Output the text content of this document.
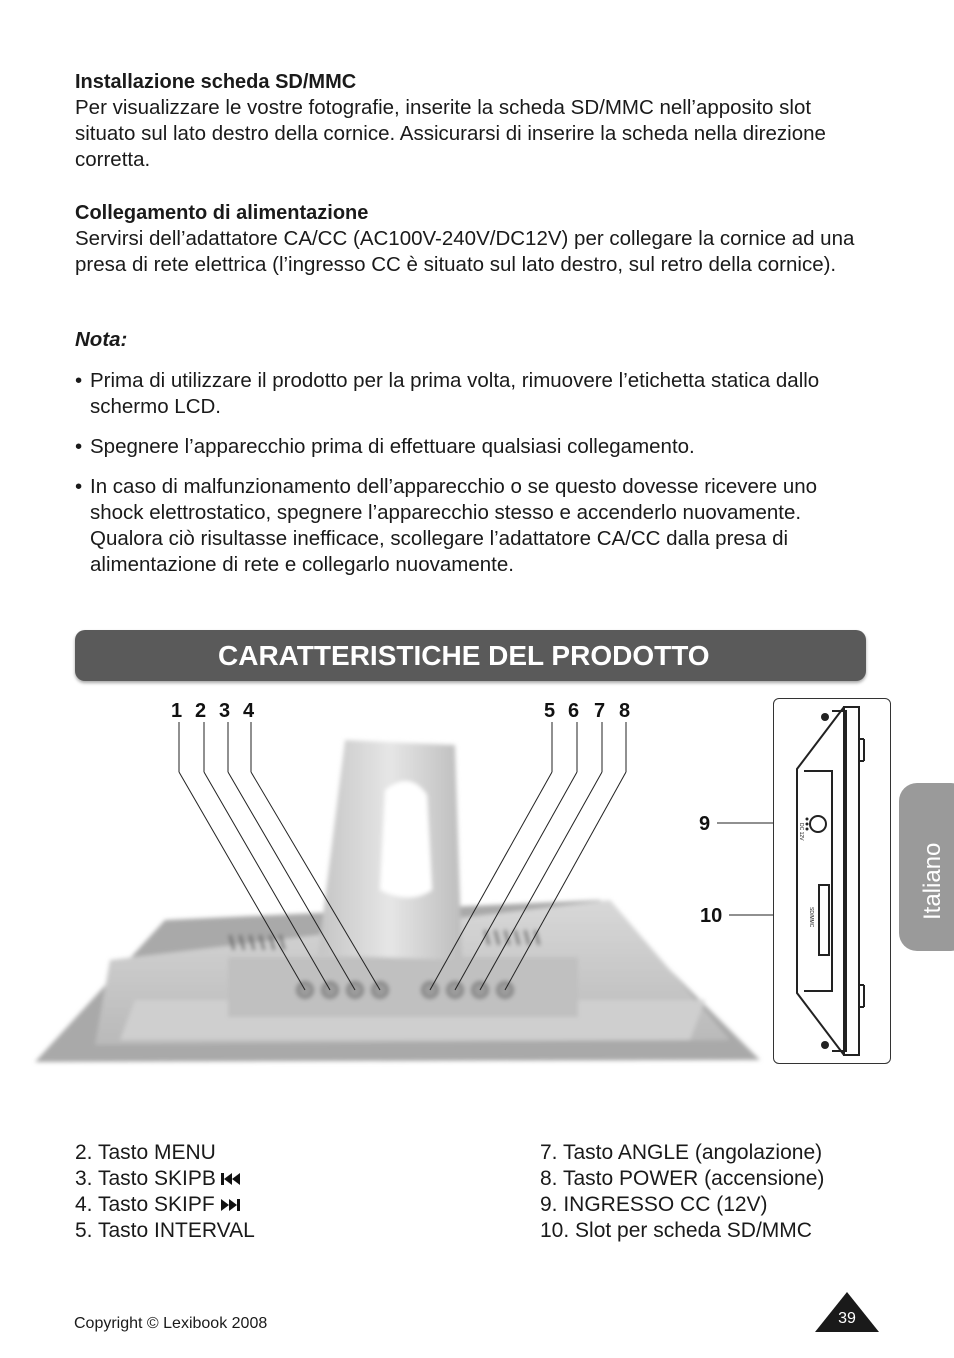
Installazione scheda SD/MMC

Per visualizzare le vostre fotografie, inserite la scheda SD/MMC nell’apposito slot situato sul lato destro della cornice. Assicurarsi di inserire la scheda nella direzione corretta.

Collegamento di alimentazione

Servirsi dell’adattatore CA/CC (AC100V-240V/DC12V) per collegare la cornice ad una presa di rete elettrica (l’ingresso CC è situato sul lato destro, sul retro della cornice).

Nota:
• Prima di utilizzare il prodotto per la prima volta, rimuovere l’etichetta statica dallo schermo LCD.
• Spegnere l’apparecchio prima di effettuare qualsiasi collegamento.
• In caso di malfunzionamento dell’apparecchio o se questo dovesse ricevere uno shock elettrostatico, spegnere l’apparecchio stesso e accenderlo nuovamente. Qualora ciò risultasse inefficace, scollegare l’adattatore CA/CC dalla presa di alimentazione di rete e collegarlo nuovamente.
CARATTERISTICHE DEL PRODOTTO
1 2 3 4	5 6 7 8
9
10
DC 12V
SD/MMC	Italiano
2. Tasto MENU
3. Tasto SKIPB
4. Tasto SKIPF
5. Tasto INTERVAL
7. Tasto ANGLE (angolazione)
8. Tasto POWER (accensione)
9. INGRESSO CC (12V)
10. Slot per scheda SD/MMC
Copyright © Lexibook 2008	39
